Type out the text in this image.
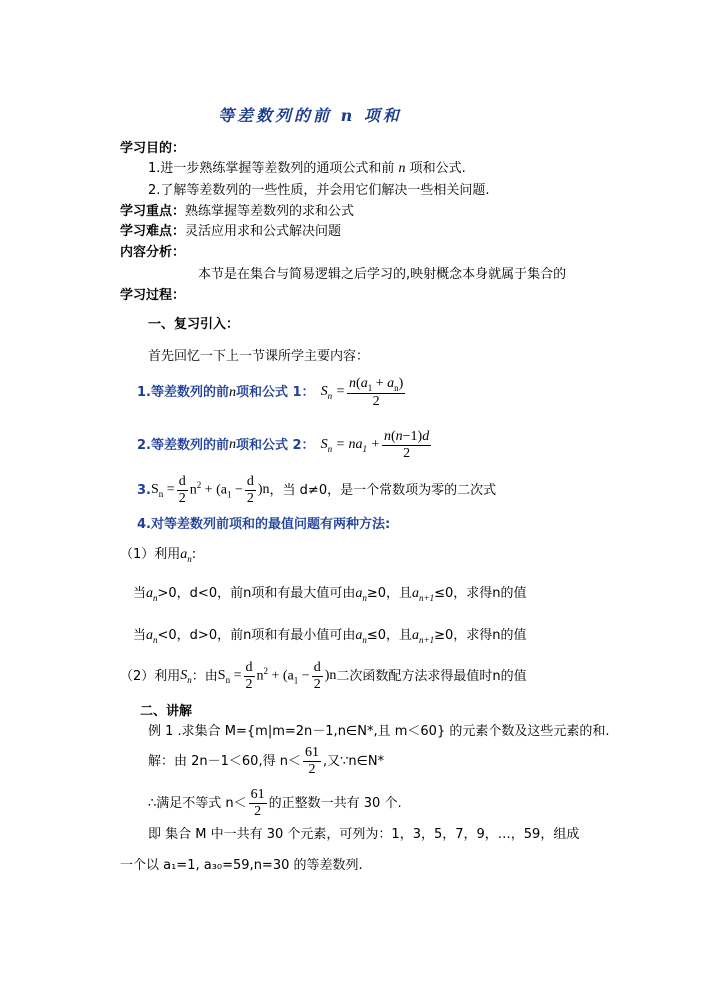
等差数列的前 n 项和
学习目的：
1.进一步熟练掌握等差数列的通项公式和前 n 项和公式.
2.了解等差数列的一些性质，并会用它们解决一些相关问题.
学习重点：熟练掌握等差数列的求和公式
学习难点：灵活应用求和公式解决问题
内容分析：
本节是在集合与简易逻辑之后学习的,映射概念本身就属于集合的
学习过程：
一、复习引入：
首先回忆一下上一节课所学主要内容：
1.等差数列的前 n 项和公式 1： $S_n = \frac{n(a_1 + a_n)}{2}$
2.等差数列的前 n 项和公式 2： $S_n = na_1 + \frac{n(n-1)d}{2}$
3. $S_n = \frac{d}{2} n^2 + (a_1 - \frac{d}{2} )n$ ，当 d≠0，是一个常数项为零的二次式
4.对等差数列前项和的最值问题有两种方法:
（1）利用$a_n$:
当$a_n>0$，d<0，前n项和有最大值可由$a_n\ge 0$，且$a_{n+1}\le 0$，求得n的值
当$a_n<0$，d>0，前n项和有最小值可由$a_n\le 0$，且$a_{n+1}\ge 0$，求得n的值
（2）利用 $S_n$ ：由 $S_n = \frac{d}{2} n^2 + (a_1 - \frac{d}{2} )n$ 二次函数配方法求得最值时n的值
二、讲解
例 1 .求集合 M={m|m=2n－1,n∈N*,且 m＜60} 的元素个数及这些元素的和.
解：由 2n－1＜60,得 $n< \frac{61}{2}$ ,又∵n∈N*
∴满足不等式 $n< \frac{61}{2}$ 的正整数一共有 30 个.
即 集合 M 中一共有 30 个元素，可列为：1，3，5，7，9，…，59，组成
一个以 a₁=1, a₃₀=59,n=30 的等差数列.
